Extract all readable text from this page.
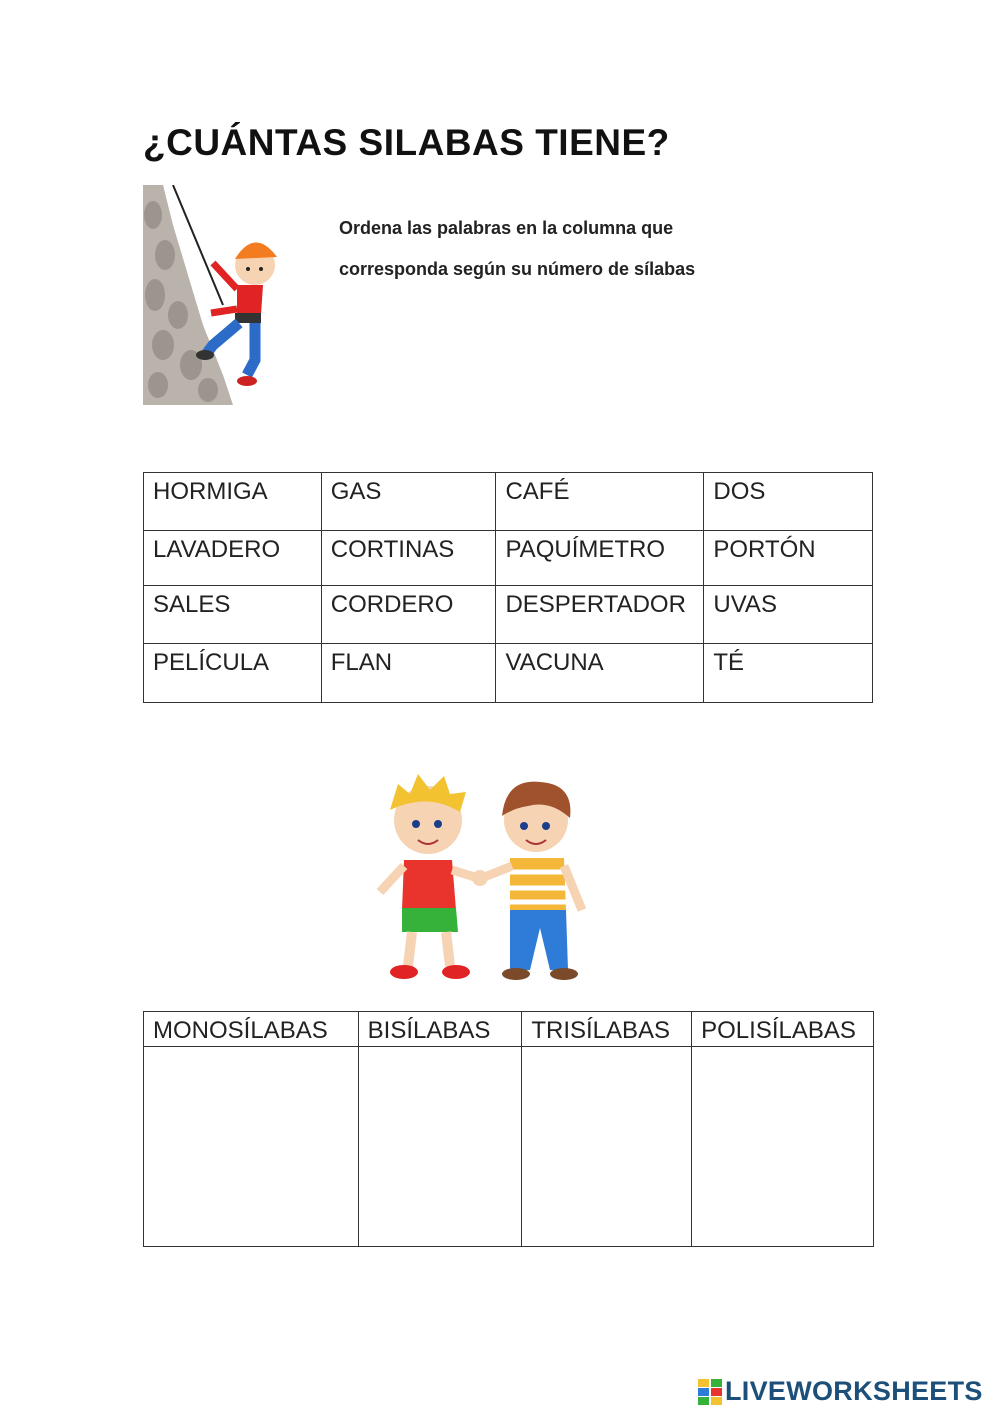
¿CUÁNTAS SILABAS TIENE?
Ordena las palabras en la columna que
corresponda según su número de sílabas
HORMIGA	GAS	CAFÉ	DOS
LAVADERO	CORTINAS	PAQUÍMETRO	PORTÓN
SALES	CORDERO	DESPERTADOR	UVAS
PELÍCULA	FLAN	VACUNA	TÉ
MONOSÍLABAS	BISÍLABAS	TRISÍLABAS	POLISÍLABAS

LIVEWORKSHEETS
